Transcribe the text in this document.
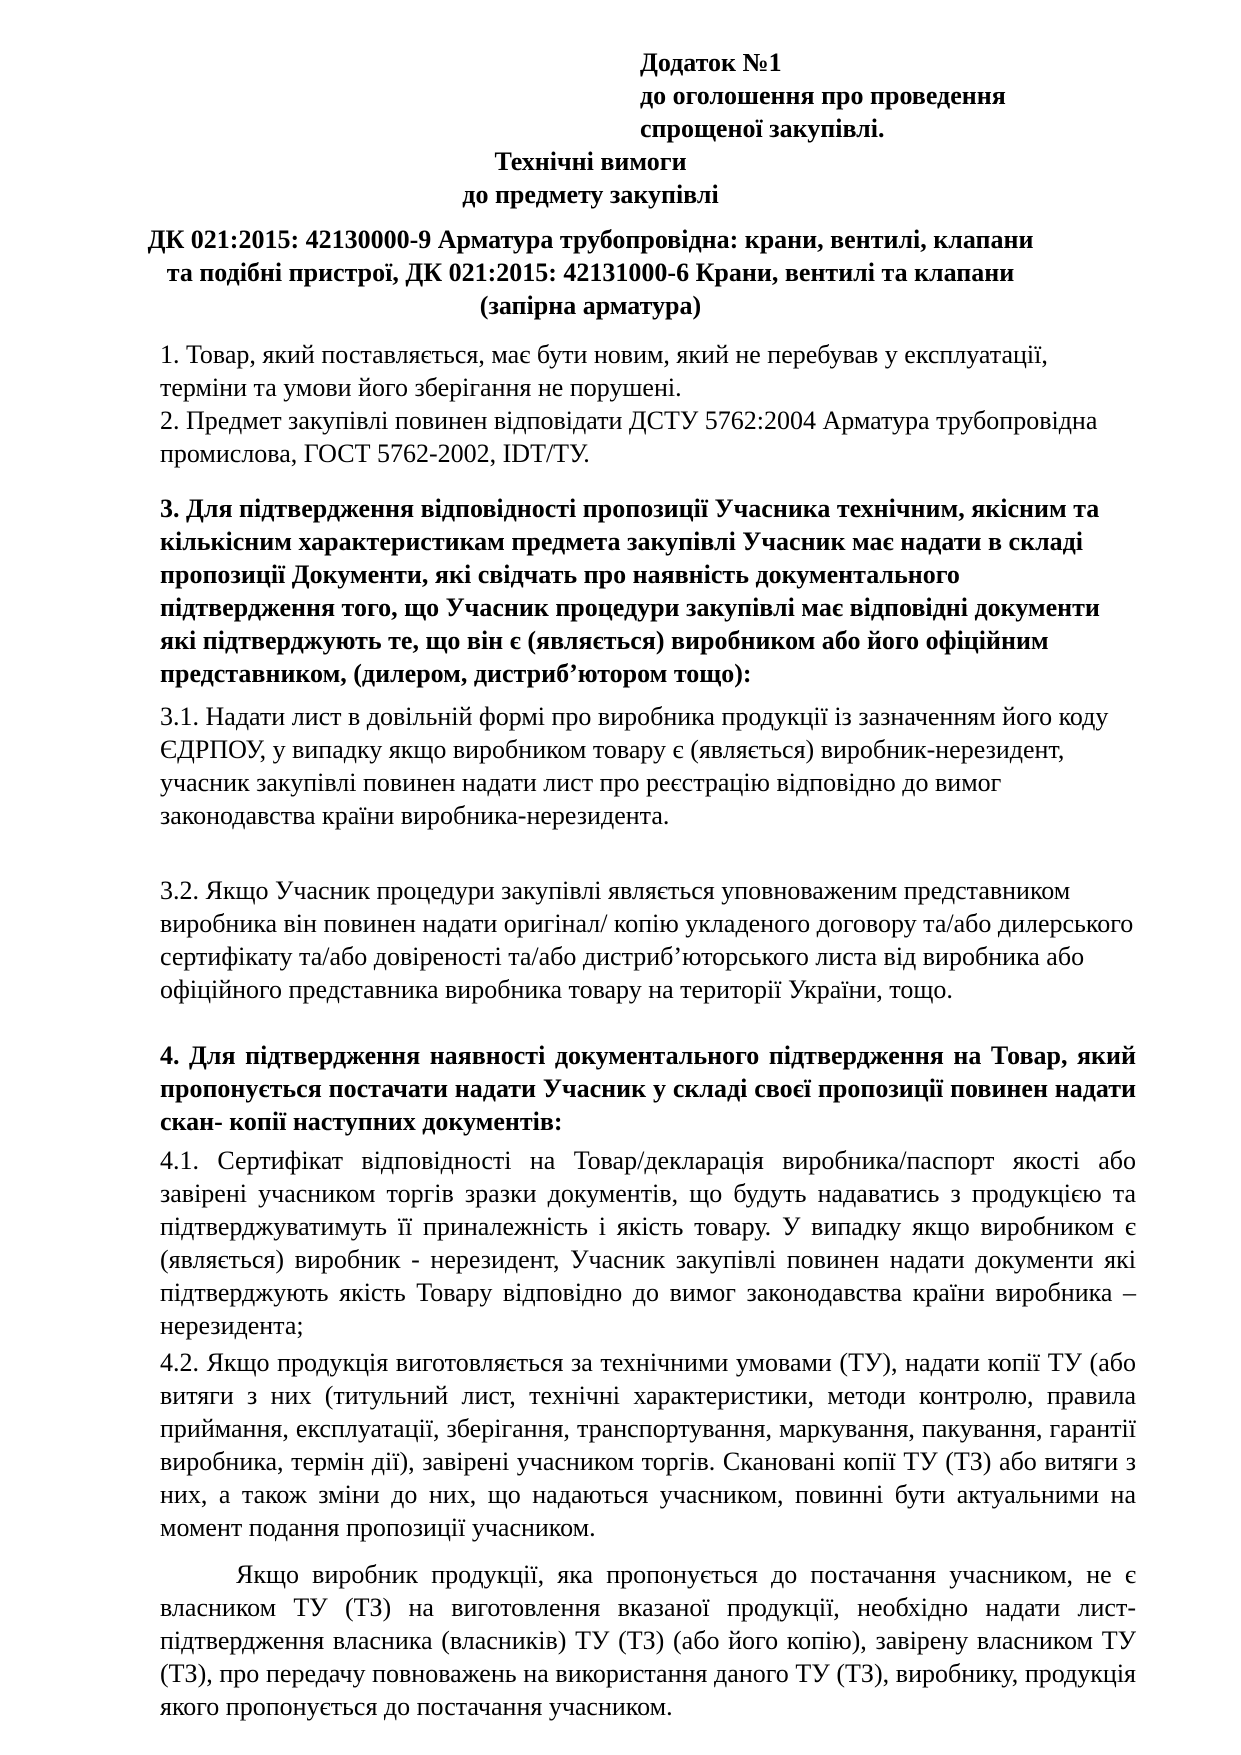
Додаток №1
до оголошення про проведення
спрощеної закупівлі.
Технічні вимоги
до предмету закупівлі
ДК 021:2015: 42130000-9 Арматура трубопровідна: крани, вентилі, клапани та подібні пристрої, ДК 021:2015: 42131000-6 Крани, вентилі та клапани (запірна арматура)

1. Товар, який поставляється, має бути новим, який не перебував у експлуатації, терміни та умови його зберігання не порушені.

2. Предмет закупівлі повинен відповідати ДСТУ 5762:2004 Арматура трубопровідна промислова, ГОСТ 5762-2002, IDT/ТУ.

3. Для підтвердження відповідності пропозиції Учасника технічним, якісним та кількісним характеристикам предмета закупівлі Учасник має надати в складі пропозиції Документи, які свідчать про наявність документального підтвердження того, що Учасник процедури закупівлі має відповідні документи які підтверджують те, що він є (являється) виробником або його офіційним представником, (дилером, дистриб’ютором тощо):

3.1. Надати лист в довільній формі про виробника продукції із зазначенням його коду ЄДРПОУ, у випадку якщо виробником товару є (являється) виробник-нерезидент, учасник закупівлі повинен надати лист про реєстрацію відповідно до вимог законодавства країни виробника-нерезидента.

3.2. Якщо Учасник процедури закупівлі являється уповноваженим представником виробника він повинен надати оригінал/ копію укладеного договору та/або дилерського сертифікату та/або довіреності та/або дистриб’юторського листа від виробника або офіційного представника виробника товару на території України, тощо.

4. Для підтвердження наявності документального підтвердження на Товар, який пропонується постачати надати Учасник у складі своєї пропозиції повинен надати скан- копії наступних документів:

4.1. Сертифікат відповідності на Товар/декларація виробника/паспорт якості або завірені учасником торгів зразки документів, що будуть надаватись з продукцією та підтверджуватимуть її приналежність і якість товару. У випадку якщо виробником є (являється) виробник - нерезидент, Учасник закупівлі повинен надати документи які підтверджують якість Товару відповідно до вимог законодавства країни виробника – нерезидента;

4.2. Якщо продукція виготовляється за технічними умовами (ТУ), надати копії ТУ (або витяги з них (титульний лист, технічні характеристики, методи контролю, правила приймання, експлуатації, зберігання, транспортування, маркування, пакування, гарантії виробника, термін дії), завірені учасником торгів. Скановані копії ТУ (ТЗ) або витяги з них, а також зміни до них, що надаються учасником, повинні бути актуальними на момент подання пропозиції учасником.

Якщо виробник продукції, яка пропонується до постачання учасником, не є власником ТУ (ТЗ) на виготовлення вказаної продукції, необхідно надати лист-підтвердження власника (власників) ТУ (ТЗ) (або його копію), завірену власником ТУ (ТЗ), про передачу повноважень на використання даного ТУ (ТЗ), виробнику, продукція якого пропонується до постачання учасником.
